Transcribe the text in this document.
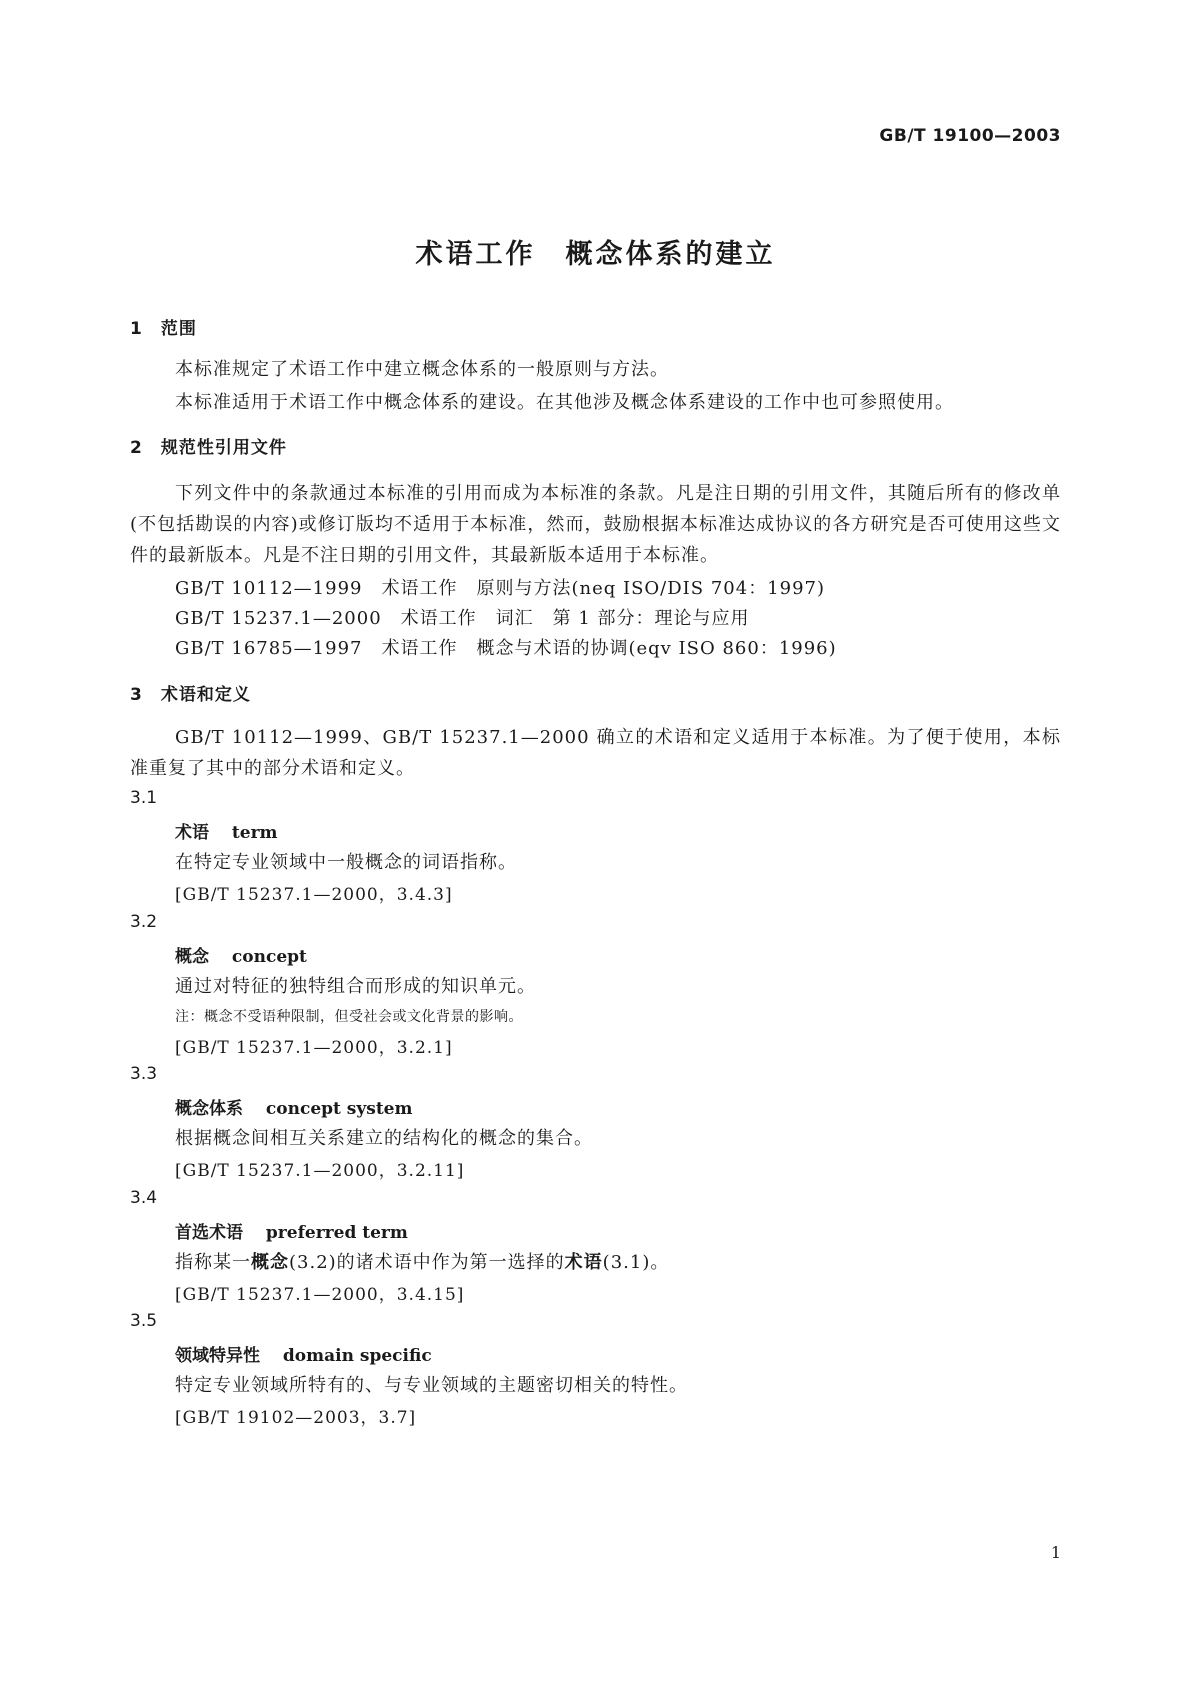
GB/T 19100—2003
术语工作　概念体系的建立
1　范围
本标准规定了术语工作中建立概念体系的一般原则与方法。
本标准适用于术语工作中概念体系的建设。在其他涉及概念体系建设的工作中也可参照使用。
2　规范性引用文件
下列文件中的条款通过本标准的引用而成为本标准的条款。凡是注日期的引用文件，其随后所有的修改单(不包括勘误的内容)或修订版均不适用于本标准，然而，鼓励根据本标准达成协议的各方研究是否可使用这些文件的最新版本。凡是不注日期的引用文件，其最新版本适用于本标准。
GB/T 10112—1999　术语工作　原则与方法(neq ISO/DIS 704：1997)
GB/T 15237.1—2000　术语工作　词汇　第 1 部分：理论与应用
GB/T 16785—1997　术语工作　概念与术语的协调(eqv ISO 860：1996)
3　术语和定义
GB/T 10112—1999、GB/T 15237.1—2000 确立的术语和定义适用于本标准。为了便于使用，本标准重复了其中的部分术语和定义。
3.1
术语　 term
在特定专业领域中一般概念的词语指称。
[GB/T 15237.1—2000，3.4.3]
3.2
概念　 concept
通过对特征的独特组合而形成的知识单元。
注：概念不受语种限制，但受社会或文化背景的影响。
[GB/T 15237.1—2000，3.2.1]
3.3
概念体系　 concept system
根据概念间相互关系建立的结构化的概念的集合。
[GB/T 15237.1—2000，3.2.11]
3.4
首选术语　 preferred term
指称某一概念(3.2)的诸术语中作为第一选择的术语(3.1)。
[GB/T 15237.1—2000，3.4.15]
3.5
领域特异性　 domain specific
特定专业领域所特有的、与专业领域的主题密切相关的特性。
[GB/T 19102—2003，3.7]
1
